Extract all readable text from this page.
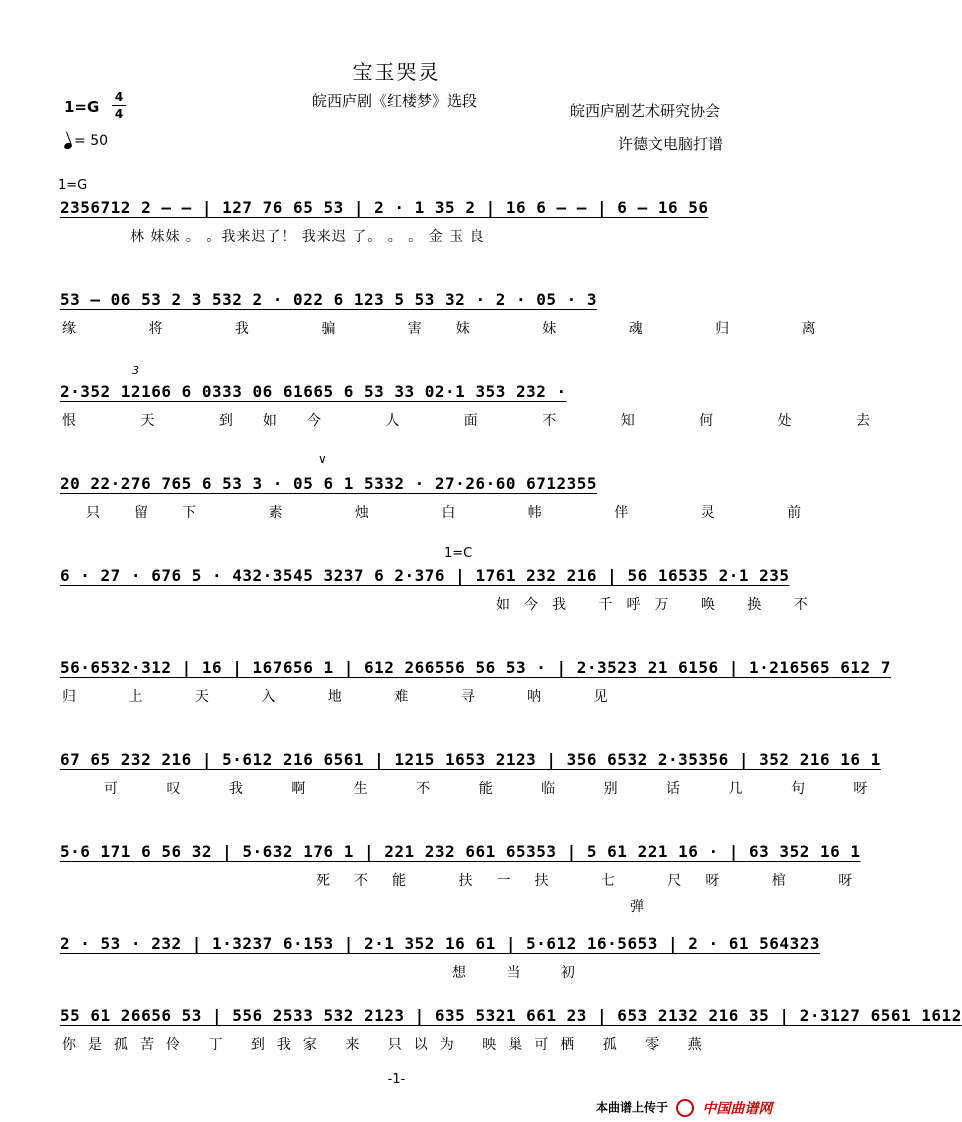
宝玉哭灵
皖西庐剧《红楼梦》选段
皖西庐剧艺术研究协会
许德文电脑打谱
1=G
4
4
= 50
1=G
2356712 2 — — | 127 76 65 53 | 2 · 1 35 2 | 16 6 — — | 6 — 16 56
林 妹妹 。 。我来迟了！ 我来迟 了。 。 。 金 玉 良
53 — 06 53 2 3 532 2 · 022 6 123 5 53 32 · 2 · 05 · 3
缘 将 我 骗 害妹 妹 魂 归 离
2·352 12166 6 0333 06 61665 6 53 33 02·1 353 232 ·
恨 天 到如今 人 面 不 知 何 处 去
20 22·276 765 6 53 3 · 05 6 1 5332 · 27·26·60 6712355
只留下 素 烛 白 帏 伴 灵 前
1=C
6 · 27 · 676 5 · 432·3545 3237 6 2·376 | 1761 232 216 | 56 16535 2·1 235
如今我 千呼万 唤 换 不
56·6532·312 | 16 | 167656 1 | 612 266556 56 53 · | 2·3523 21 6156 | 1·216565 612 7
归 上 天 入 地 难 寻 呐 见
67 65 232 216 | 5·612 216 6561 | 1215 1653 2123 | 356 6532 2·35356 | 352 216 16 1
可 叹 我 啊 生 不 能 临 别 话 几 句 呀
5·6 171 6 56 32 | 5·632 176 1 | 221 232 661 65353 | 5 61 221 16 · | 63 352 16 1
死不能 扶一扶 七 尺呀 棺 呀
弹
2 · 53 · 232 | 1·3237 6·153 | 2·1 352 16 61 | 5·612 16·5653 | 2 · 61 564323
想 当 初
55 61 26656 53 | 556 2533 532 2123 | 635 5321 661 23 | 653 2132 216 35 | 2·3127 6561 1612
你是孤苦伶 丁 到我家 来 只以为 映巢可栖 孤 零 燕
∨
3
-1-
本曲谱上传于 中国曲谱网
